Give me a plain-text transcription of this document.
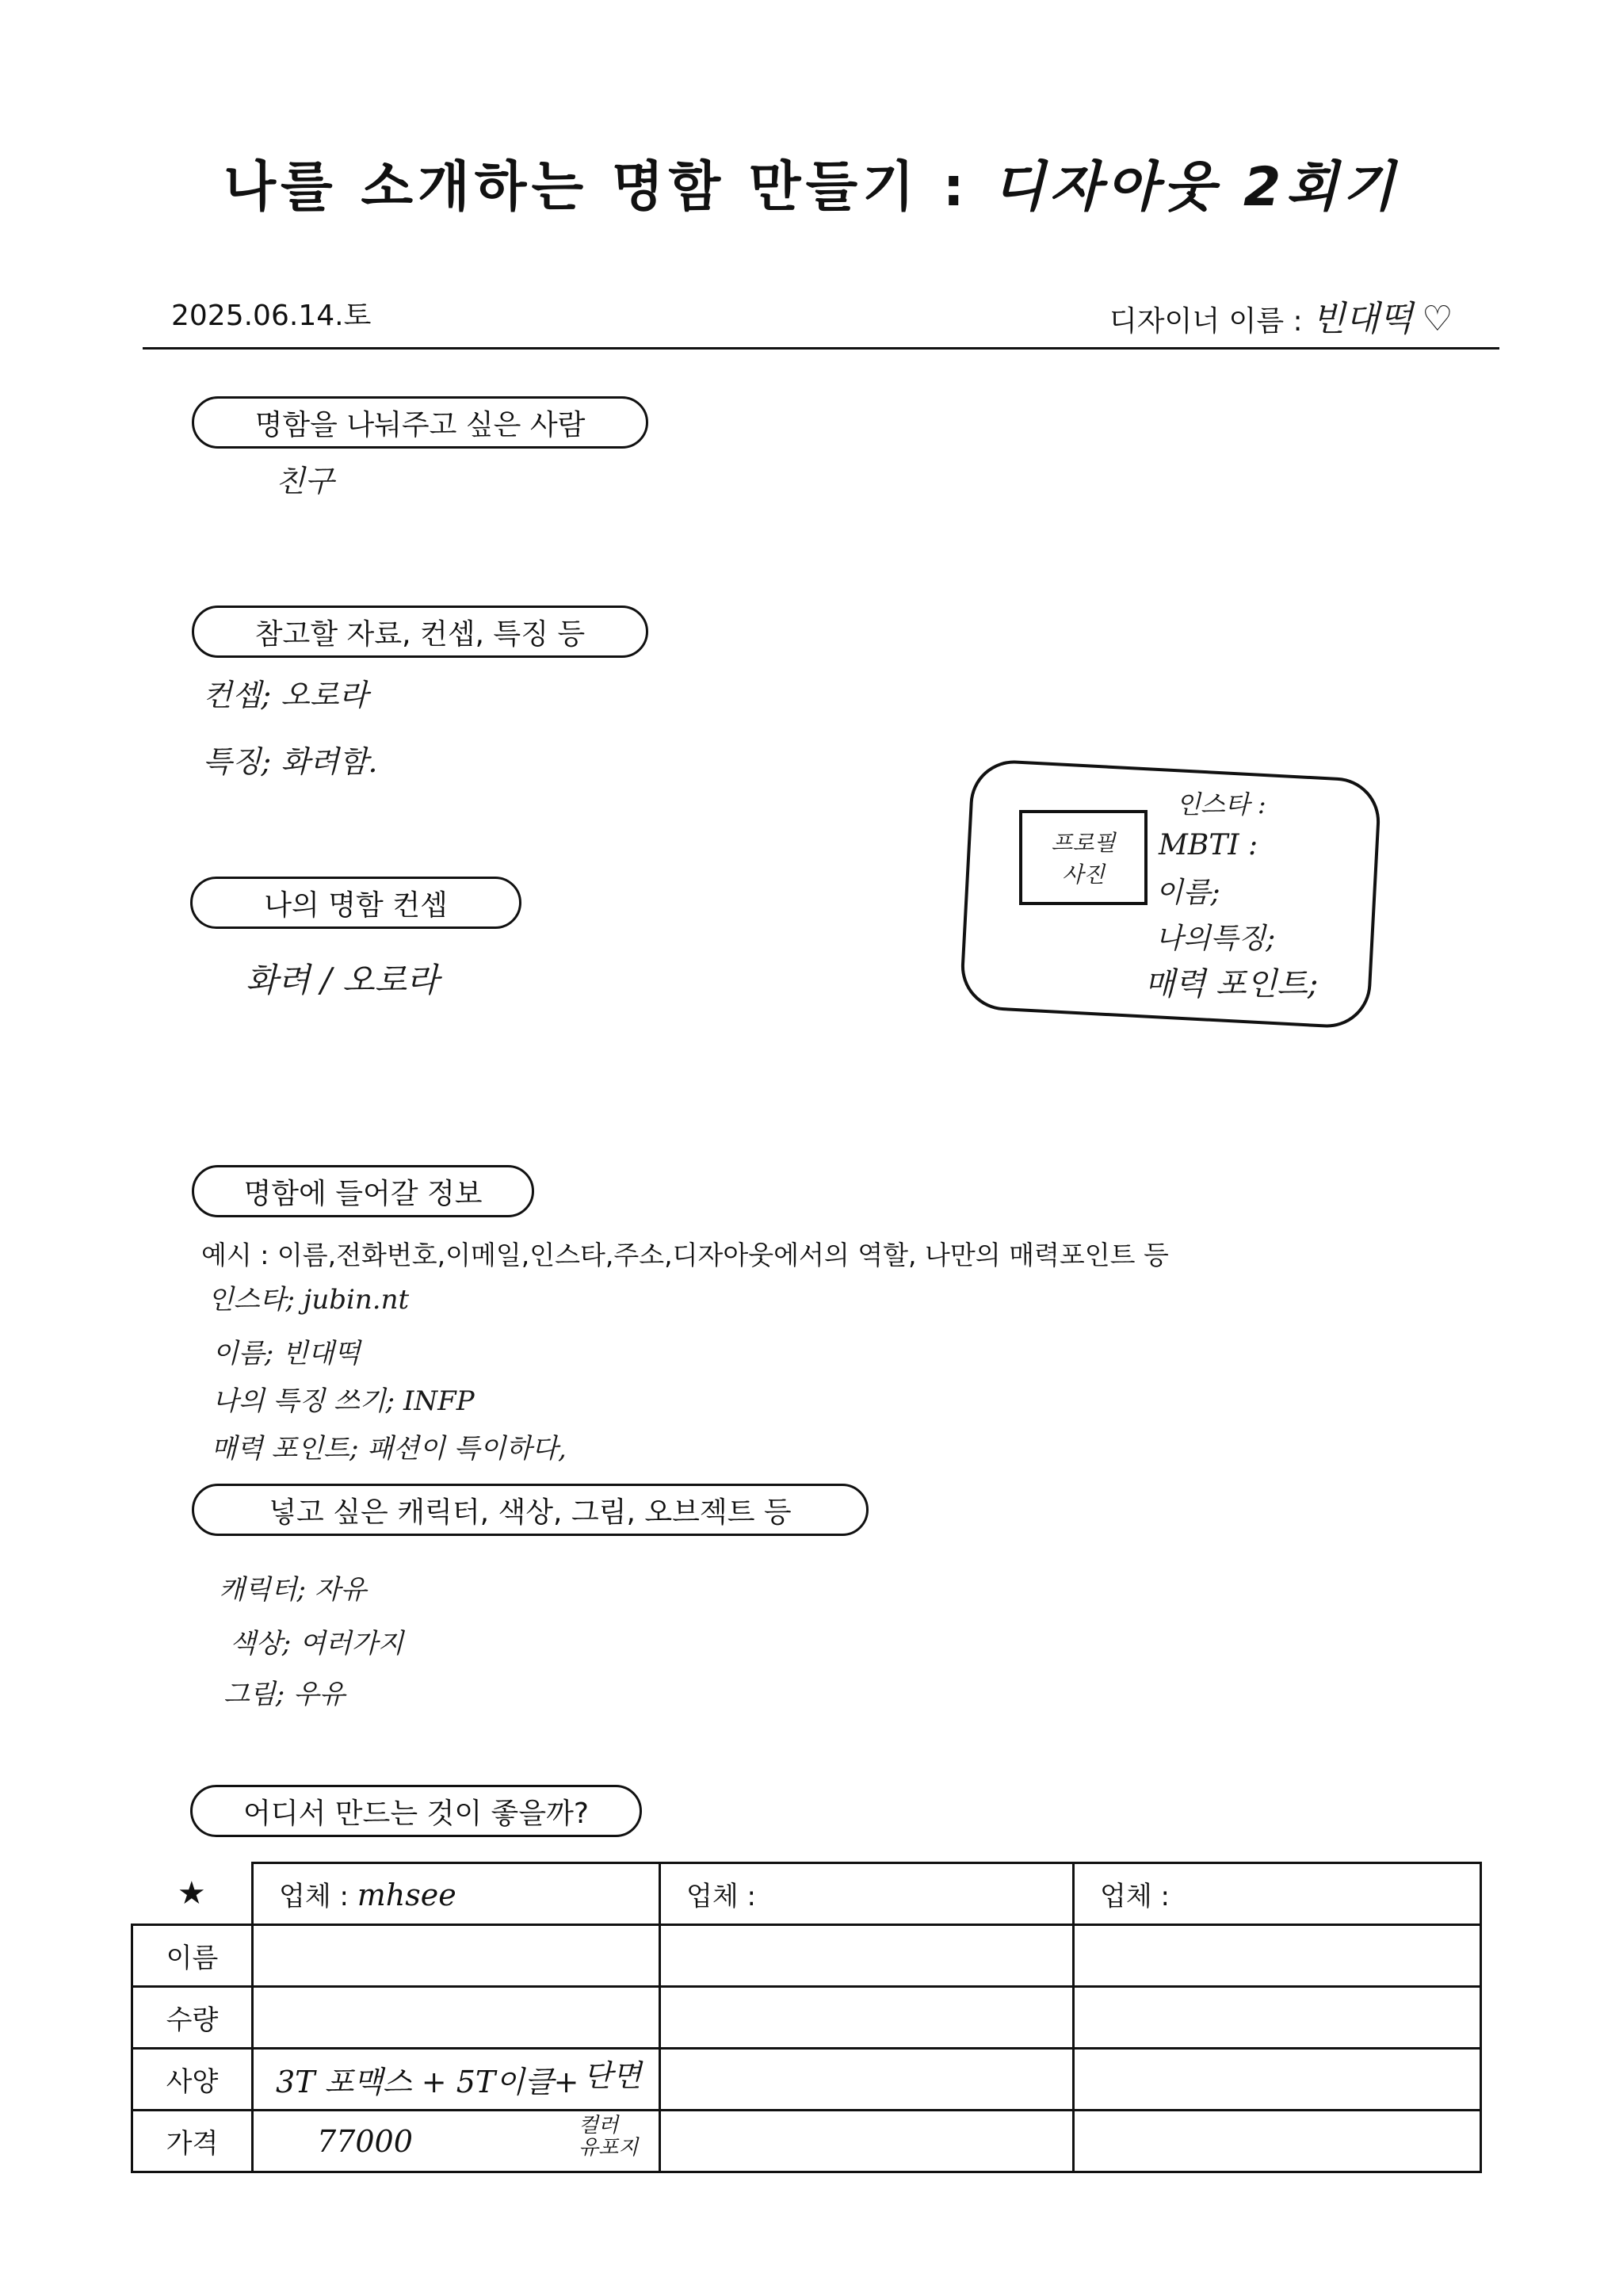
나를 소개하는 명함 만들기 : 디자아웃 2회기
2025.06.14.토	디자이너 이름 : 빈대떡 ♡
명함을 나눠주고 싶은 사람
친구
참고할 자료, 컨셉, 특징 등
컨셉; 오로라
특징; 화려함.
나의 명함 컨셉
화려 / 오로라
프로필
사진
인스타 :
MBTI :
이름;
나의특징;
매력 포인트;
명함에 들어갈 정보
예시 : 이름,전화번호,이메일,인스타,주소,디자아웃에서의 역할, 나만의 매력포인트 등
인스타; jubin.nt
이름; 빈대떡
나의 특징 쓰기; INFP
매력 포인트; 패션이 특이하다,
넣고 싶은 캐릭터, 색상, 그림, 오브젝트 등
캐릭터; 자유
색상; 여러가지
그림; 우유
어디서 만드는 것이 좋을까?
★	업체 : mhsee	업체 :	업체 :
이름			
수량			
사양	3T 포맥스 + 5T이클+ 단면		

가격	77000 컬러
유포지		
